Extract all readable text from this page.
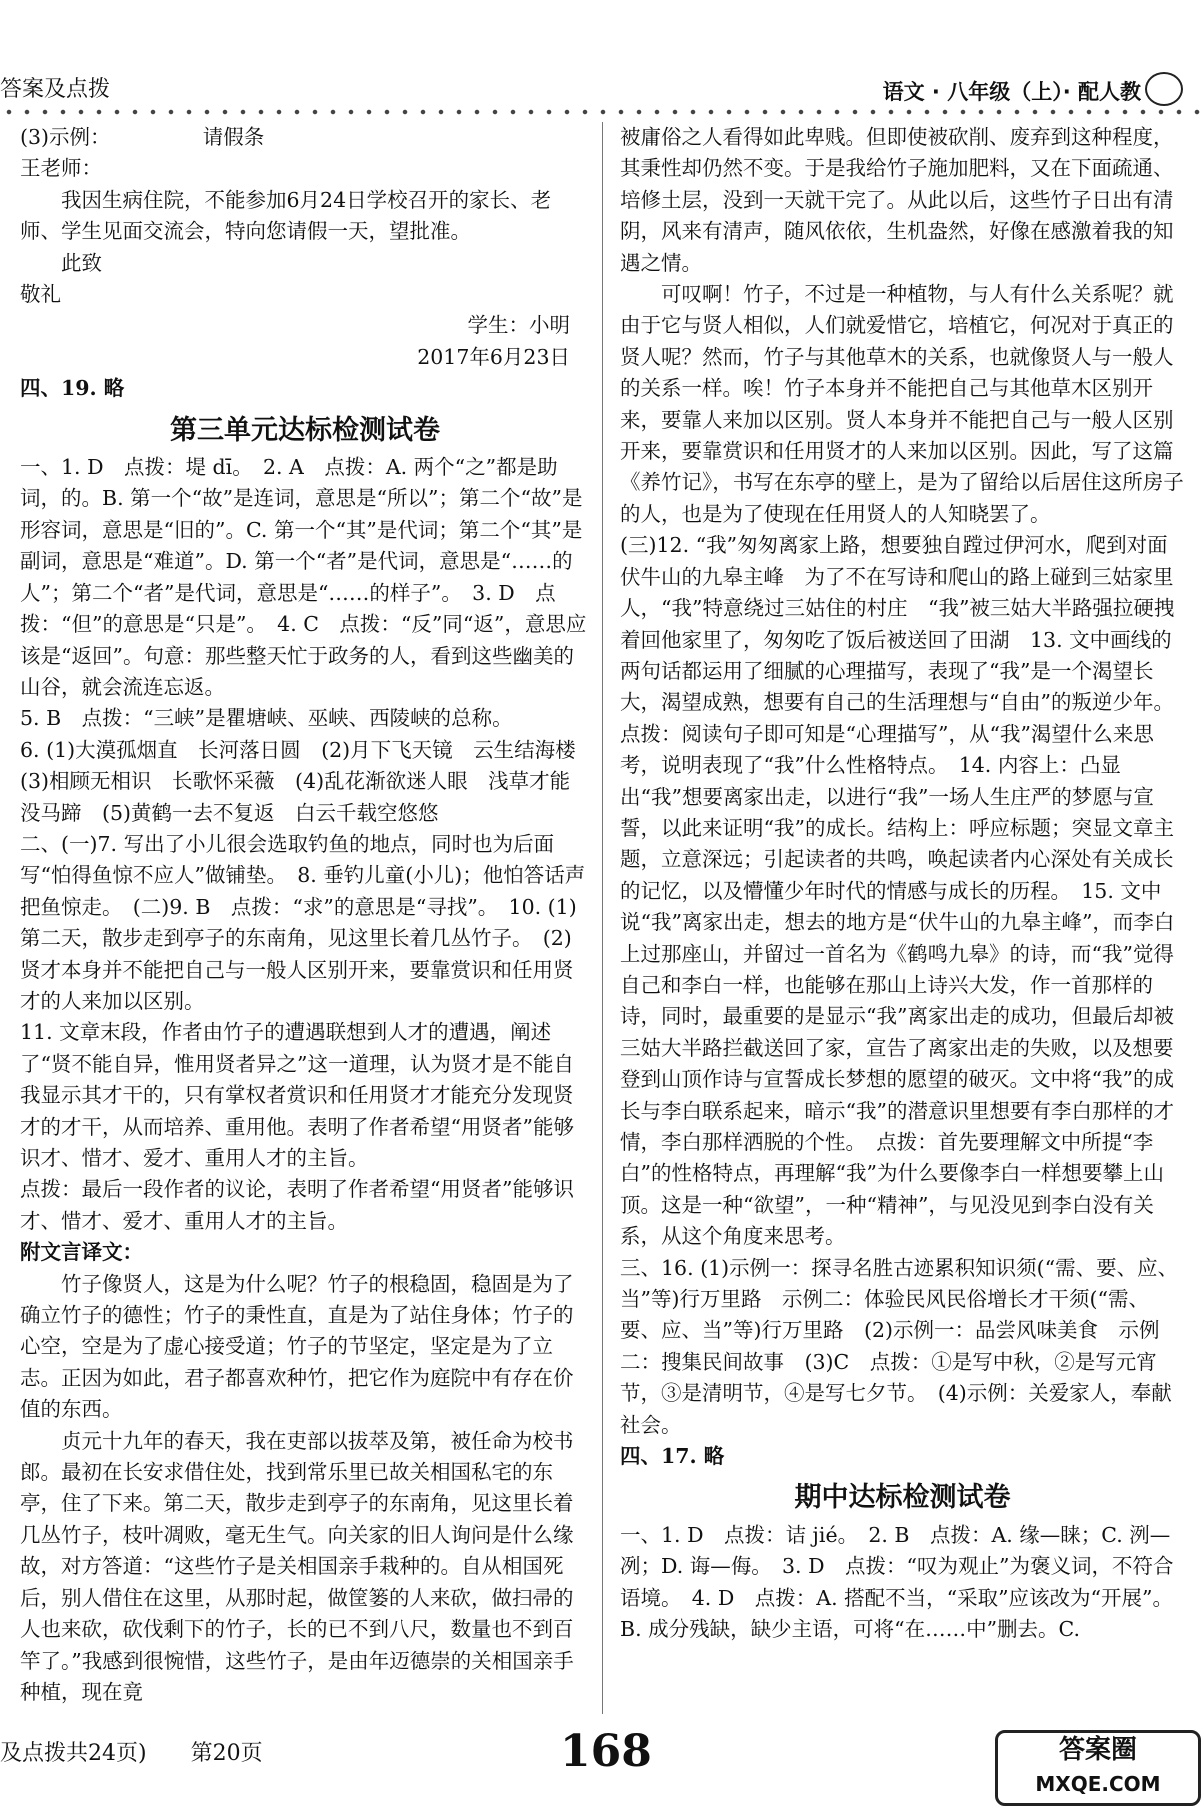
答案及点拨	语文 · 八年级（上）· 配人教

(3)示例：　　　　　请假条

王老师：

我因生病住院，不能参加6月24日学校召开的家长、老师、学生见面交流会，特向您请假一天，望批准。

此致

敬礼

学生：小明

2017年6月23日

四、19. 略

第三单元达标检测试卷

一、1. D　点拨：堤 dī。　2. A　点拨：A. 两个“之”都是助词，的。B. 第一个“故”是连词，意思是“所以”；第二个“故”是形容词，意思是“旧的”。C. 第一个“其”是代词；第二个“其”是副词，意思是“难道”。D. 第一个“者”是代词，意思是“……的人”；第二个“者”是代词，意思是“……的样子”。　3. D　点拨：“但”的意思是“只是”。　4. C　点拨：“反”同“返”，意思应该是“返回”。句意：那些整天忙于政务的人，看到这些幽美的山谷，就会流连忘返。

5. B　点拨：“三峡”是瞿塘峡、巫峡、西陵峡的总称。

6. (1)大漠孤烟直　长河落日圆　(2)月下飞天镜　云生结海楼　(3)相顾无相识　长歌怀采薇　(4)乱花渐欲迷人眼　浅草才能没马蹄　(5)黄鹤一去不复返　白云千载空悠悠

二、(一)7. 写出了小儿很会选取钓鱼的地点，同时也为后面写“怕得鱼惊不应人”做铺垫。　8. 垂钓儿童(小儿)；他怕答话声把鱼惊走。　(二)9. B　点拨：“求”的意思是“寻找”。　10. (1)第二天，散步走到亭子的东南角，见这里长着几丛竹子。　(2)贤才本身并不能把自己与一般人区别开来，要靠赏识和任用贤才的人来加以区别。

11. 文章末段，作者由竹子的遭遇联想到人才的遭遇，阐述了“贤不能自异，惟用贤者异之”这一道理，认为贤才是不能自我显示其才干的，只有掌权者赏识和任用贤才才能充分发现贤才的才干，从而培养、重用他。表明了作者希望“用贤者”能够识才、惜才、爱才、重用人才的主旨。

点拨：最后一段作者的议论，表明了作者希望“用贤者”能够识才、惜才、爱才、重用人才的主旨。

附文言译文：

竹子像贤人，这是为什么呢？竹子的根稳固，稳固是为了确立竹子的德性；竹子的秉性直，直是为了站住身体；竹子的心空，空是为了虚心接受道；竹子的节坚定，坚定是为了立志。正因为如此，君子都喜欢种竹，把它作为庭院中有存在价值的东西。

贞元十九年的春天，我在吏部以拔萃及第，被任命为校书郎。最初在长安求借住处，找到常乐里已故关相国私宅的东亭，住了下来。第二天，散步走到亭子的东南角，见这里长着几丛竹子，枝叶凋败，毫无生气。向关家的旧人询问是什么缘故，对方答道：“这些竹子是关相国亲手栽种的。自从相国死后，别人借住在这里，从那时起，做筐篓的人来砍，做扫帚的人也来砍，砍伐剩下的竹子，长的已不到八尺，数量也不到百竿了。”我感到很惋惜，这些竹子，是由年迈德崇的关相国亲手种植，现在竟

被庸俗之人看得如此卑贱。但即使被砍削、废弃到这种程度，其秉性却仍然不变。于是我给竹子施加肥料，又在下面疏通、培修土层，没到一天就干完了。从此以后，这些竹子日出有清阴，风来有清声，随风依依，生机盎然，好像在感激着我的知遇之情。

可叹啊！竹子，不过是一种植物，与人有什么关系呢？就由于它与贤人相似，人们就爱惜它，培植它，何况对于真正的贤人呢？然而，竹子与其他草木的关系，也就像贤人与一般人的关系一样。唉！竹子本身并不能把自己与其他草木区别开来，要靠人来加以区别。贤人本身并不能把自己与一般人区别开来，要靠赏识和任用贤才的人来加以区别。因此，写了这篇《养竹记》，书写在东亭的壁上，是为了留给以后居住这所房子的人，也是为了使现在任用贤人的人知晓罢了。

(三)12. “我”匆匆离家上路，想要独自蹚过伊河水，爬到对面伏牛山的九皋主峰　为了不在写诗和爬山的路上碰到三姑家里人，“我”特意绕过三姑住的村庄　“我”被三姑大半路强拉硬拽着回他家里了，匆匆吃了饭后被送回了田湖　13. 文中画线的两句话都运用了细腻的心理描写，表现了“我”是一个渴望长大，渴望成熟，想要有自己的生活理想与“自由”的叛逆少年。　点拨：阅读句子即可知是“心理描写”，从“我”渴望什么来思考，说明表现了“我”什么性格特点。　14. 内容上：凸显出“我”想要离家出走，以进行“我”一场人生庄严的梦愿与宣誓，以此来证明“我”的成长。结构上：呼应标题；突显文章主题，立意深远；引起读者的共鸣，唤起读者内心深处有关成长的记忆，以及懵懂少年时代的情感与成长的历程。　15. 文中说“我”离家出走，想去的地方是“伏牛山的九皋主峰”，而李白上过那座山，并留过一首名为《鹤鸣九皋》的诗，而“我”觉得自己和李白一样，也能够在那山上诗兴大发，作一首那样的诗，同时，最重要的是显示“我”离家出走的成功，但最后却被三姑大半路拦截送回了家，宣告了离家出走的失败，以及想要登到山顶作诗与宣誓成长梦想的愿望的破灭。文中将“我”的成长与李白联系起来，暗示“我”的潜意识里想要有李白那样的才情，李白那样洒脱的个性。　点拨：首先要理解文中所提“李白”的性格特点，再理解“我”为什么要像李白一样想要攀上山顶。这是一种“欲望”，一种“精神”，与见没见到李白没有关系，从这个角度来思考。

三、16. (1)示例一：探寻名胜古迹累积知识须(“需、要、应、当”等)行万里路　示例二：体验民风民俗增长才干须(“需、要、应、当”等)行万里路　(2)示例一：品尝风味美食　示例二：搜集民间故事　(3)C　点拨：①是写中秋，②是写元宵节，③是清明节，④是写七夕节。　(4)示例：关爱家人，奉献社会。

四、17. 略

期中达标检测试卷

一、1. D　点拨：诘 jié。　2. B　点拨：A. 缘—睐；C. 洌—冽；D. 诲—侮。　3. D　点拨：“叹为观止”为褒义词，不符合语境。　4. D　点拨：A. 搭配不当，“采取”应该改为“开展”。B. 成分残缺，缺少主语，可将“在……中”删去。C.

及点拨共24页)　　第20页	168	答案圈
MXQE.COM
